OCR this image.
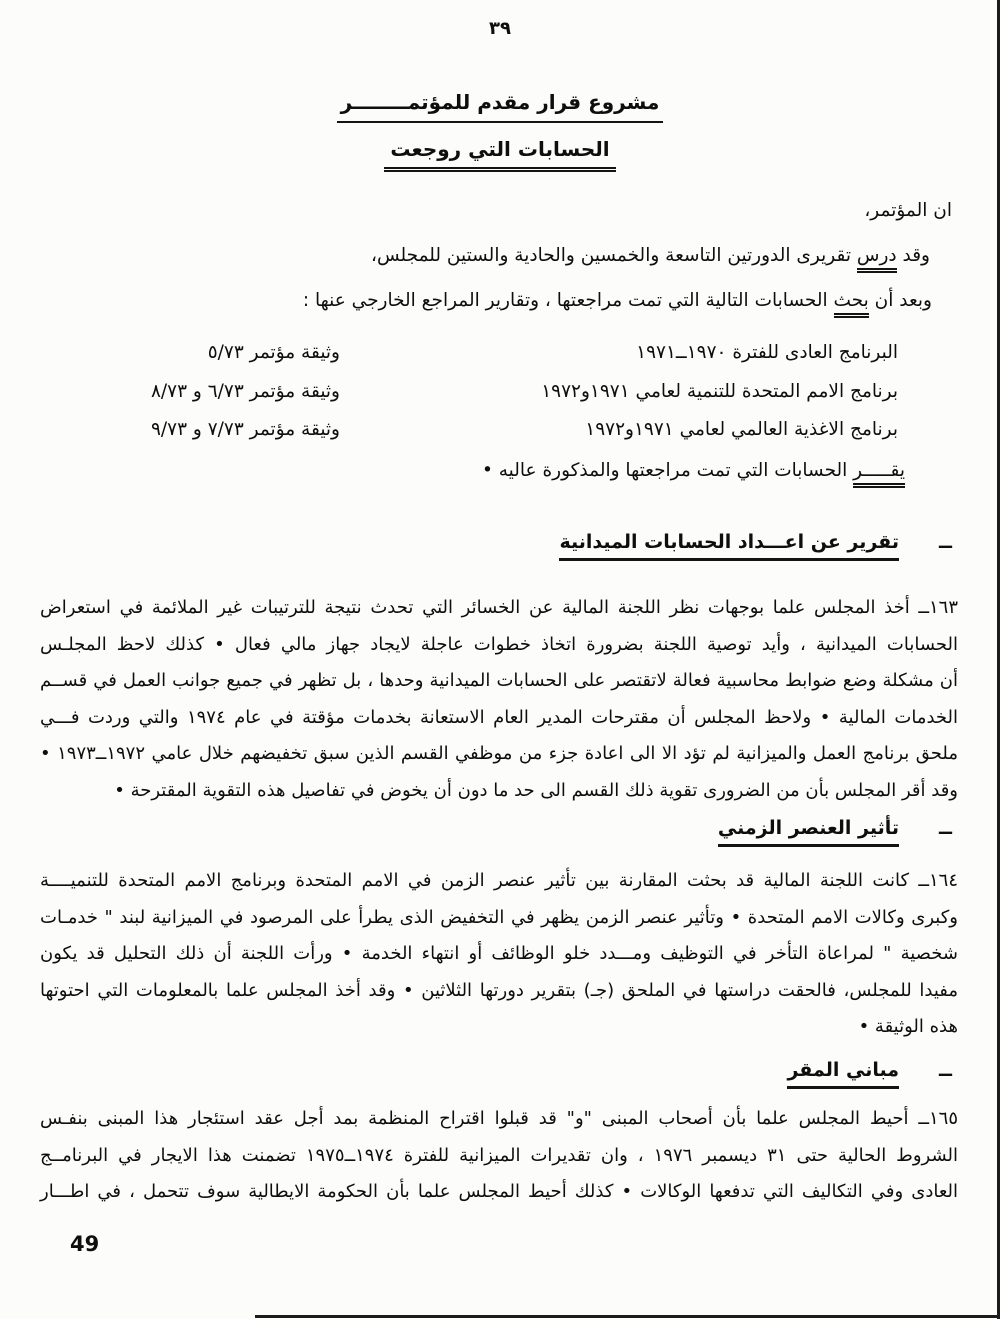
٣٩
مشروع قرار مقدم للمؤتمــــــــر
الحسابات التي روجعت
ان المؤتمر،
وقد درس تقريرى الدورتين التاسعة والخمسين والحادية والستين للمجلس،
وبعد أن بحث الحسابات التالية التي تمت مراجعتها ، وتقارير المراجع الخارجي عنها :
البرنامج العادى للفترة ١٩٧٠ــ١٩٧١
وثيقة مؤتمر ٥/٧٣
برنامج الامم المتحدة للتنمية لعامي ١٩٧١و١٩٧٢
وثيقة مؤتمر ٦/٧٣ و ٨/٧٣
برنامج الاغذية العالمي لعامي ١٩٧١و١٩٧٢
وثيقة مؤتمر ٧/٧٣ و ٩/٧٣
يقـــــر الحسابات التي تمت مراجعتها والمذكورة عاليه •
ــ
تقرير عن اعـــداد الحسابات الميدانية
١٦٣ــ أخذ المجلس علما بوجهات نظر اللجنة المالية عن الخسائر التي تحدث نتيجة للترتيبات غير الملائمة في استعراض
الحسابات الميدانية ، وأيد توصية اللجنة بضرورة اتخاذ خطوات عاجلة لايجاد جهاز مالي فعال • كذلك لاحظ المجلـس
أن مشكلة وضع ضوابط محاسبية فعالة لاتقتصر على الحسابات الميدانية وحدها ، بل تظهر في جميع جوانب العمل في قســم
الخدمات المالية • ولاحظ المجلس أن مقترحات المدير العام الاستعانة بخدمات مؤقتة في عام ١٩٧٤ والتي وردت فـــي
ملحق برنامج العمل والميزانية لم تؤد الا الى اعادة جزء من موظفي القسم الذين سبق تخفيضهم خلال عامي ١٩٧٢ــ١٩٧٣ •
وقد أقر المجلس بأن من الضرورى تقوية ذلك القسم الى حد ما دون أن يخوض في تفاصيل هذه التقوية المقترحة •
ــ
تأثير العنصر الزمني
١٦٤ــ كانت اللجنة المالية قد بحثت المقارنة بين تأثير عنصر الزمن في الامم المتحدة وبرنامج الامم المتحدة للتنميــــة
وكبرى وكالات الامم المتحدة • وتأثير عنصر الزمن يظهر في التخفيض الذى يطرأ على المرصود في الميزانية لبند " خدمـات
شخصية " لمراعاة التأخر في التوظيف ومـــدد خلو الوظائف أو انتهاء الخدمة • ورأت اللجنة أن ذلك التحليل قد يكون
مفيدا للمجلس، فالحقت دراستها في الملحق (جـ) بتقرير دورتها الثلاثين • وقد أخذ المجلس علما بالمعلومات التي احتوتها
هذه الوثيقة •
ــ
مباني المقر
١٦٥ــ أحيط المجلس علما بأن أصحاب المبنى "و" قد قبلوا اقتراح المنظمة بمد أجل عقد استئجار هذا المبنى بنفـس
الشروط الحالية حتى ٣١ ديسمبر ١٩٧٦ ، وان تقديرات الميزانية للفترة ١٩٧٤ــ١٩٧٥ تضمنت هذا الايجار في البرنامــج
العادى وفي التكاليف التي تدفعها الوكالات • كذلك أحيط المجلس علما بأن الحكومة الايطالية سوف تتحمل ، في اطـــار
49
